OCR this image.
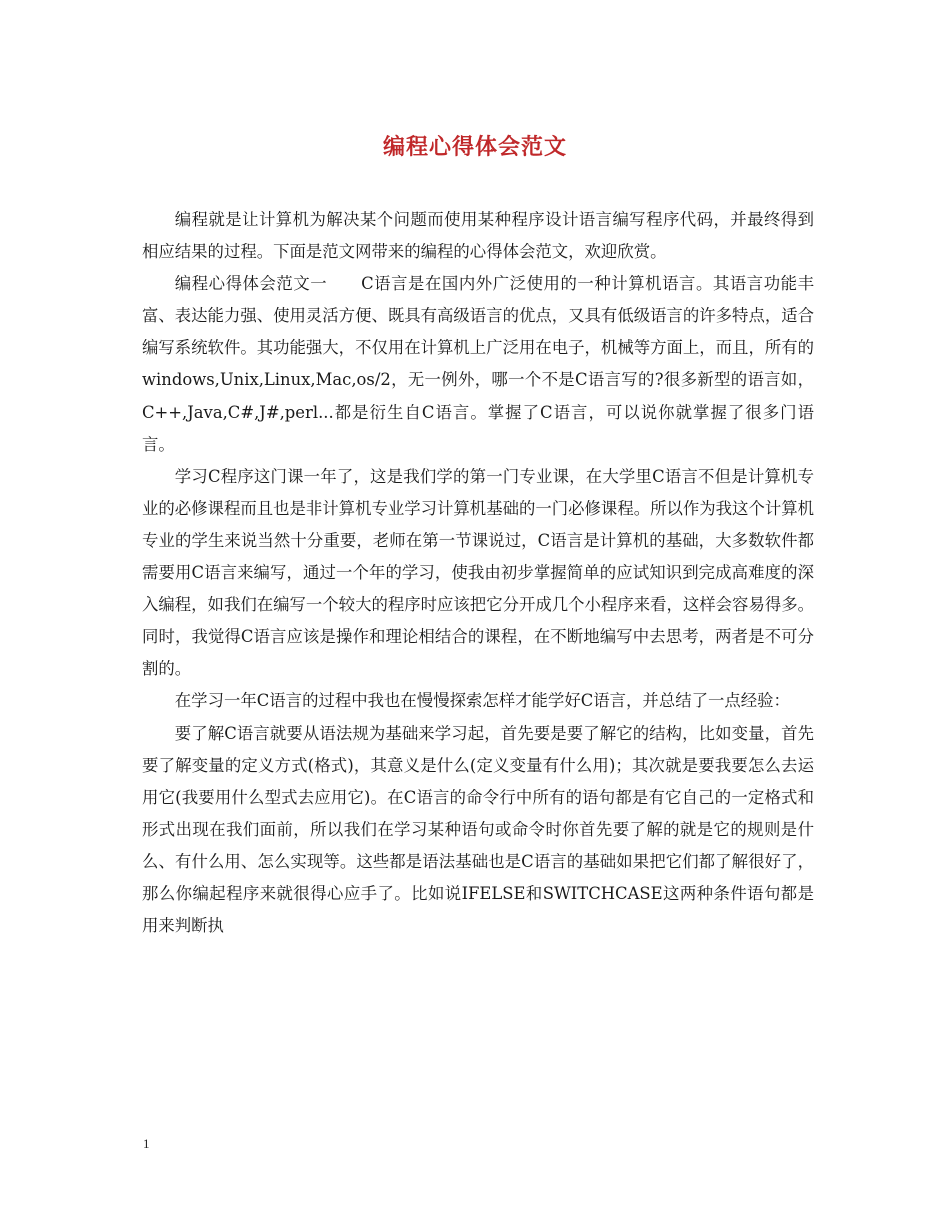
编程心得体会范文

编程就是让计算机为解决某个问题而使用某种程序设计语言编写程序代码，并最终得到相应结果的过程。下面是范文网带来的编程的心得体会范文，欢迎欣赏。

编程心得体会范文一　　C语言是在国内外广泛使用的一种计算机语言。其语言功能丰富、表达能力强、使用灵活方便、既具有高级语言的优点，又具有低级语言的许多特点，适合编写系统软件。其功能强大，不仅用在计算机上广泛用在电子，机械等方面上，而且，所有的windows,Unix,Linux,Mac,os/2，无一例外，哪一个不是C语言写的?很多新型的语言如，C++,Java,C#,J#,perl...都是衍生自C语言。掌握了C语言，可以说你就掌握了很多门语言。

学习C程序这门课一年了，这是我们学的第一门专业课，在大学里C语言不但是计算机专业的必修课程而且也是非计算机专业学习计算机基础的一门必修课程。所以作为我这个计算机专业的学生来说当然十分重要，老师在第一节课说过，C语言是计算机的基础，大多数软件都需要用C语言来编写，通过一个年的学习，使我由初步掌握简单的应试知识到完成高难度的深入编程，如我们在编写一个较大的程序时应该把它分开成几个小程序来看，这样会容易得多。同时，我觉得C语言应该是操作和理论相结合的课程，在不断地编写中去思考，两者是不可分割的。

在学习一年C语言的过程中我也在慢慢探索怎样才能学好C语言，并总结了一点经验：

要了解C语言就要从语法规为基础来学习起，首先要是要了解它的结构，比如变量，首先要了解变量的定义方式(格式)，其意义是什么(定义变量有什么用)；其次就是要我要怎么去运用它(我要用什么型式去应用它)。在C语言的命令行中所有的语句都是有它自己的一定格式和形式出现在我们面前，所以我们在学习某种语句或命令时你首先要了解的就是它的规则是什么、有什么用、怎么实现等。这些都是语法基础也是C语言的基础如果把它们都了解很好了，那么你编起程序来就很得心应手了。比如说IFELSE和SWITCHCASE这两种条件语句都是用来判断执

1
